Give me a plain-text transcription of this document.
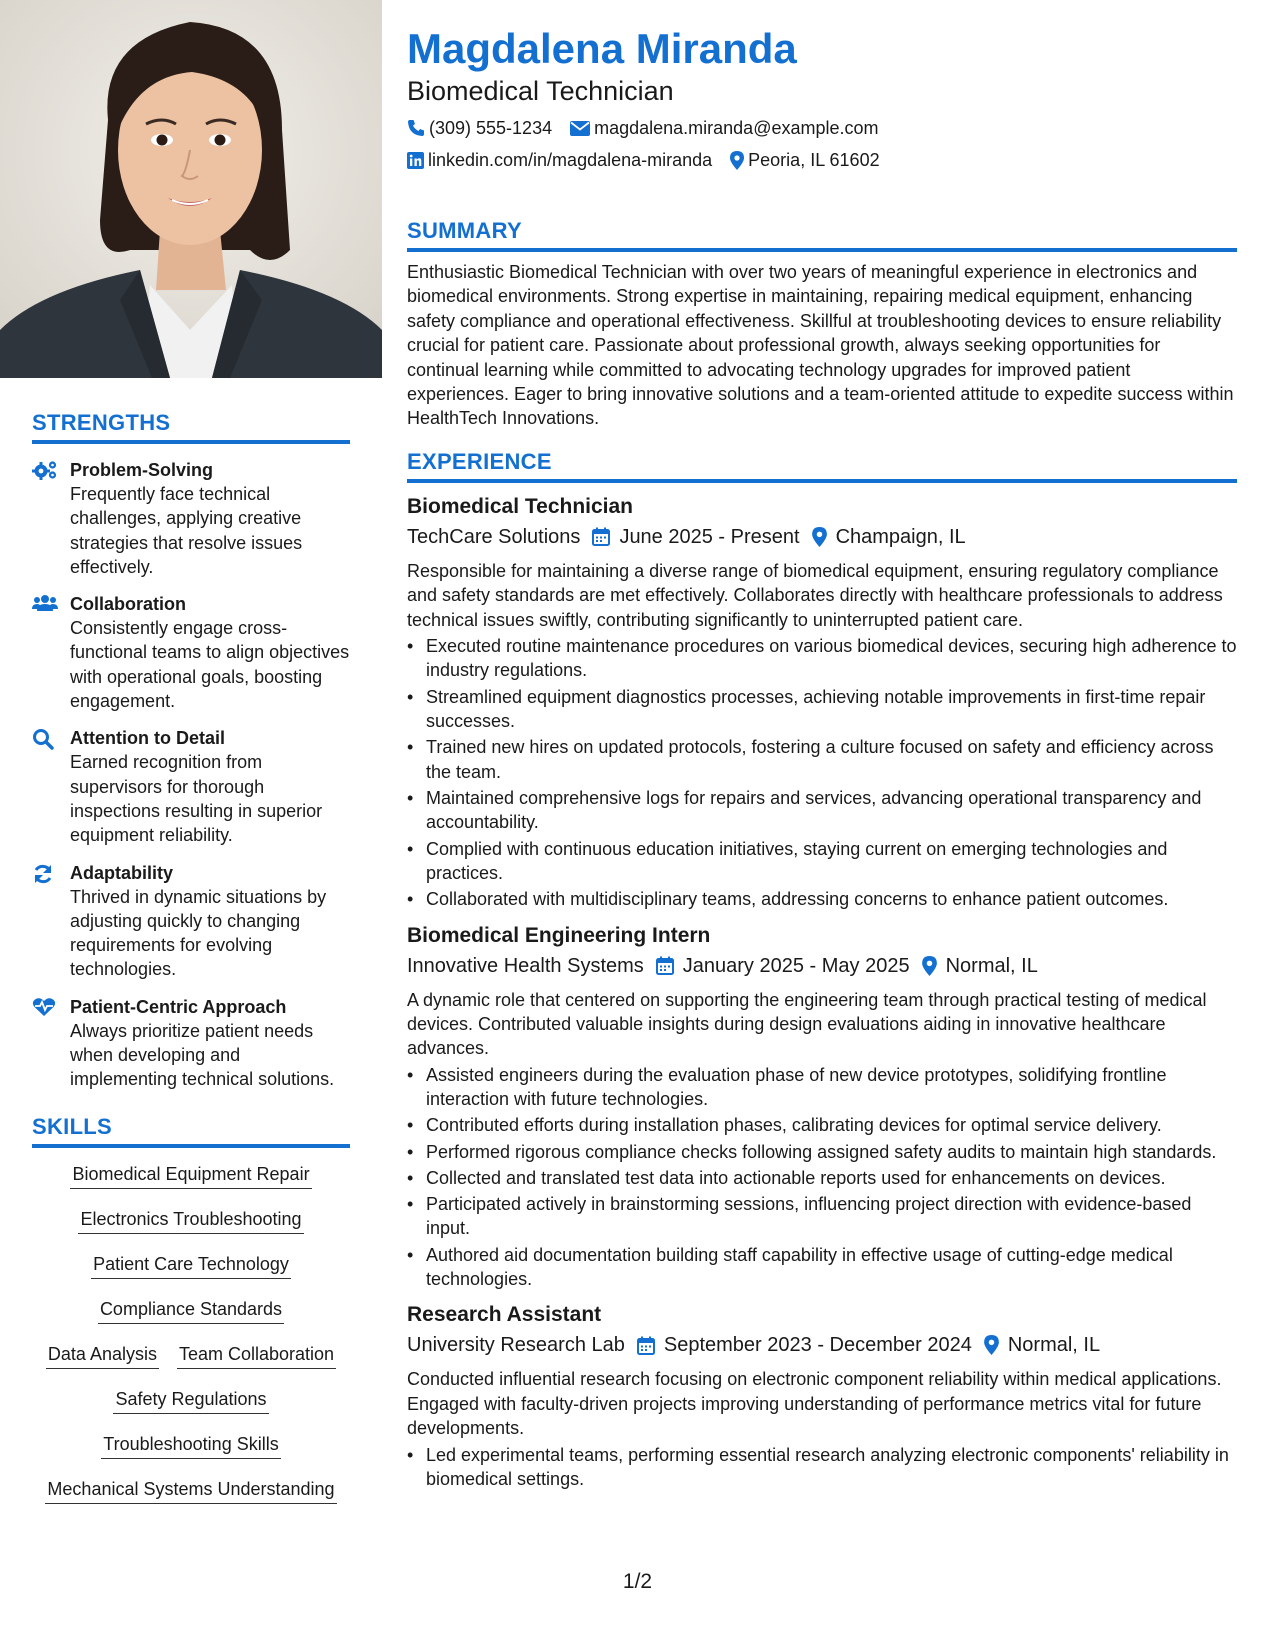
STRENGTHS
Problem-Solving
Frequently face technical challenges, applying creative strategies that resolve issues effectively.
Collaboration
Consistently engage cross-functional teams to align objectives with operational goals, boosting engagement.
Attention to Detail
Earned recognition from supervisors for thorough inspections resulting in superior equipment reliability.
Adaptability
Thrived in dynamic situations by adjusting quickly to changing requirements for evolving technologies.
Patient-Centric Approach
Always prioritize patient needs when developing and implementing technical solutions.
SKILLS
Biomedical Equipment Repair
Electronics Troubleshooting
Patient Care Technology
Compliance Standards
Data Analysis Team Collaboration
Safety Regulations
Troubleshooting Skills
Mechanical Systems Understanding
Magdalena Miranda
Biomedical Technician
(309) 555-1234 magdalena.miranda@example.com
linkedin.com/in/magdalena-miranda Peoria, IL 61602
SUMMARY
Enthusiastic Biomedical Technician with over two years of meaningful experience in electronics and biomedical environments. Strong expertise in maintaining, repairing medical equipment, enhancing safety compliance and operational effectiveness. Skillful at troubleshooting devices to ensure reliability crucial for patient care. Passionate about professional growth, always seeking opportunities for continual learning while committed to advocating technology upgrades for improved patient experiences. Eager to bring innovative solutions and a team-oriented attitude to expedite success within HealthTech Innovations.
EXPERIENCE
Biomedical Technician
TechCare Solutions June 2025 - Present Champaign, IL
Responsible for maintaining a diverse range of biomedical equipment, ensuring regulatory compliance and safety standards are met effectively. Collaborates directly with healthcare professionals to address technical issues swiftly, contributing significantly to uninterrupted patient care.
• Executed routine maintenance procedures on various biomedical devices, securing high adherence to industry regulations.
• Streamlined equipment diagnostics processes, achieving notable improvements in first-time repair successes.
• Trained new hires on updated protocols, fostering a culture focused on safety and efficiency across the team.
• Maintained comprehensive logs for repairs and services, advancing operational transparency and accountability.
• Complied with continuous education initiatives, staying current on emerging technologies and practices.
• Collaborated with multidisciplinary teams, addressing concerns to enhance patient outcomes.
Biomedical Engineering Intern
Innovative Health Systems January 2025 - May 2025 Normal, IL
A dynamic role that centered on supporting the engineering team through practical testing of medical devices. Contributed valuable insights during design evaluations aiding in innovative healthcare advances.
• Assisted engineers during the evaluation phase of new device prototypes, solidifying frontline interaction with future technologies.
• Contributed efforts during installation phases, calibrating devices for optimal service delivery.
• Performed rigorous compliance checks following assigned safety audits to maintain high standards.
• Collected and translated test data into actionable reports used for enhancements on devices.
• Participated actively in brainstorming sessions, influencing project direction with evidence-based input.
• Authored aid documentation building staff capability in effective usage of cutting-edge medical technologies.
Research Assistant
University Research Lab September 2023 - December 2024 Normal, IL
Conducted influential research focusing on electronic component reliability within medical applications. Engaged with faculty-driven projects improving understanding of performance metrics vital for future developments.
• Led experimental teams, performing essential research analyzing electronic components' reliability in biomedical settings.
1/2
